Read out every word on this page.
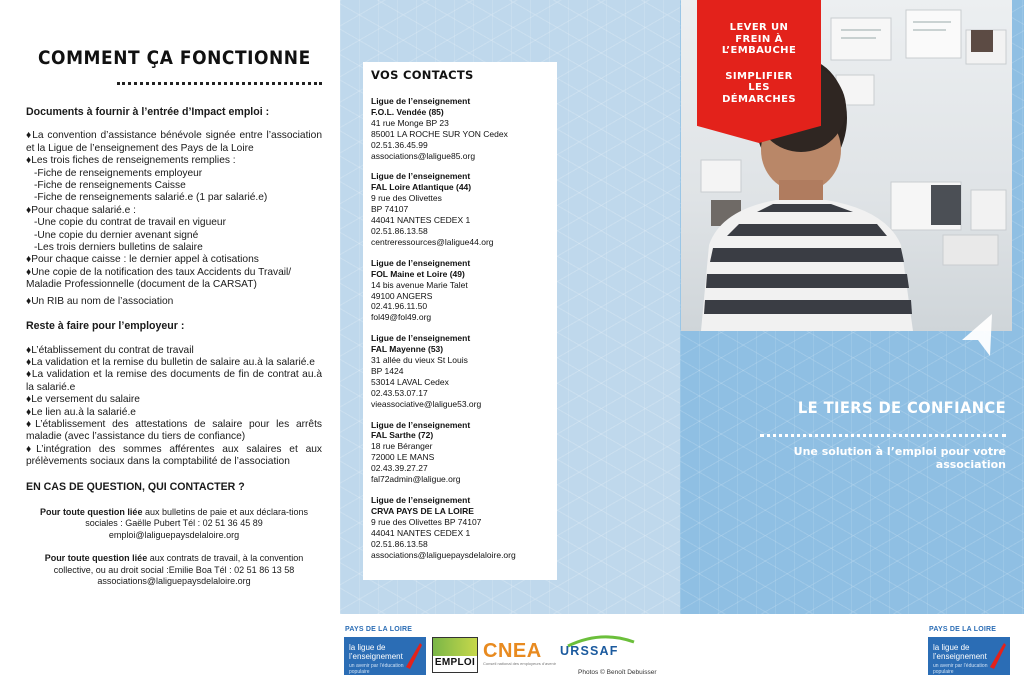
COMMENT ÇA FONCTIONNE
Documents à fournir à l’entrée d’Impact emploi :
♦La convention d’assistance bénévole signée entre l’association et la Ligue de l’enseignement des Pays de la Loire
♦Les trois fiches de renseignements remplies :
-Fiche de renseignements employeur
-Fiche de renseignements Caisse
-Fiche de renseignements salarié.e (1 par salarié.e)
♦Pour chaque salarié.e :
-Une copie du contrat de travail en vigueur
-Une copie du dernier avenant signé
-Les trois derniers bulletins de salaire
♦Pour chaque caisse : le dernier appel à cotisations
♦Une copie de la notification des taux Accidents du Travail/ Maladie Professionnelle (document de la CARSAT)
♦Un RIB au nom de l’association
Reste à faire pour l’employeur :
♦L’établissement du contrat de travail
♦La validation et la remise du bulletin de salaire au.à la salarié.e
♦La validation et la remise des documents de fin de contrat au.à la salarié.e
♦Le versement du salaire
♦Le lien au.à la salarié.e
♦L’établissement des attestations de salaire pour les arrêts maladie (avec l’assistance du tiers de confiance)
♦L’intégration des sommes afférentes aux salaires et aux prélèvements sociaux dans la comptabilité de l’association
EN CAS DE QUESTION, QUI CONTACTER ?
Pour toute question liée aux bulletins de paie et aux déclara-tions sociales : Gaëlle Pubert Tél : 02 51 36 45 89
emploi@laliguepaysdelaloire.org
Pour toute question liée aux contrats de travail, à la convention collective, ou au droit social :Emilie Boa Tél : 02 51 86 13 58
associations@laliguepaysdelaloire.org
VOS CONTACTS
Ligue de l’enseignement
F.O.L. Vendée (85)
41 rue Monge BP 23
85001 LA ROCHE SUR YON Cedex
02.51.36.45.99
associations@laligue85.org
Ligue de l’enseignement
FAL Loire Atlantique (44)
9 rue des Olivettes
BP 74107
44041 NANTES CEDEX 1
02.51.86.13.58
centreressources@laligue44.org
Ligue de l’enseignement
FOL Maine et Loire (49)
14 bis avenue Marie Talet
49100 ANGERS
02.41.96.11.50
fol49@fol49.org
Ligue de l’enseignement
FAL Mayenne (53)
31 allée du vieux St Louis
BP 1424
53014 LAVAL Cedex
02.43.53.07.17
vieassociative@laligue53.org
Ligue de l’enseignement
FAL Sarthe (72)
18 rue Béranger
72000 LE MANS
02.43.39.27.27
fal72admin@laligue.org
Ligue de l’enseignement
CRVA PAYS DE LA LOIRE
9 rue des Olivettes BP 74107
44041 NANTES CEDEX 1
02.51.86.13.58
associations@laliguepaysdelaloire.org
LEVER UN
FREIN À
L’EMBAUCHE
SIMPLIFIER
LES
DÉMARCHES
LE TIERS DE CONFIANCE
Une solution à l’emploi pour votre
association
PAYS DE LA LOIRE
la ligue de
l’enseignement
un avenir par l’éducation populaire
EMPLOI
CNEA
Conseil national des employeurs d’avenir
URSSAF
Photos © Benoît Debuisser
PAYS DE LA LOIRE
la ligue de
l’enseignement
un avenir par l’éducation populaire
